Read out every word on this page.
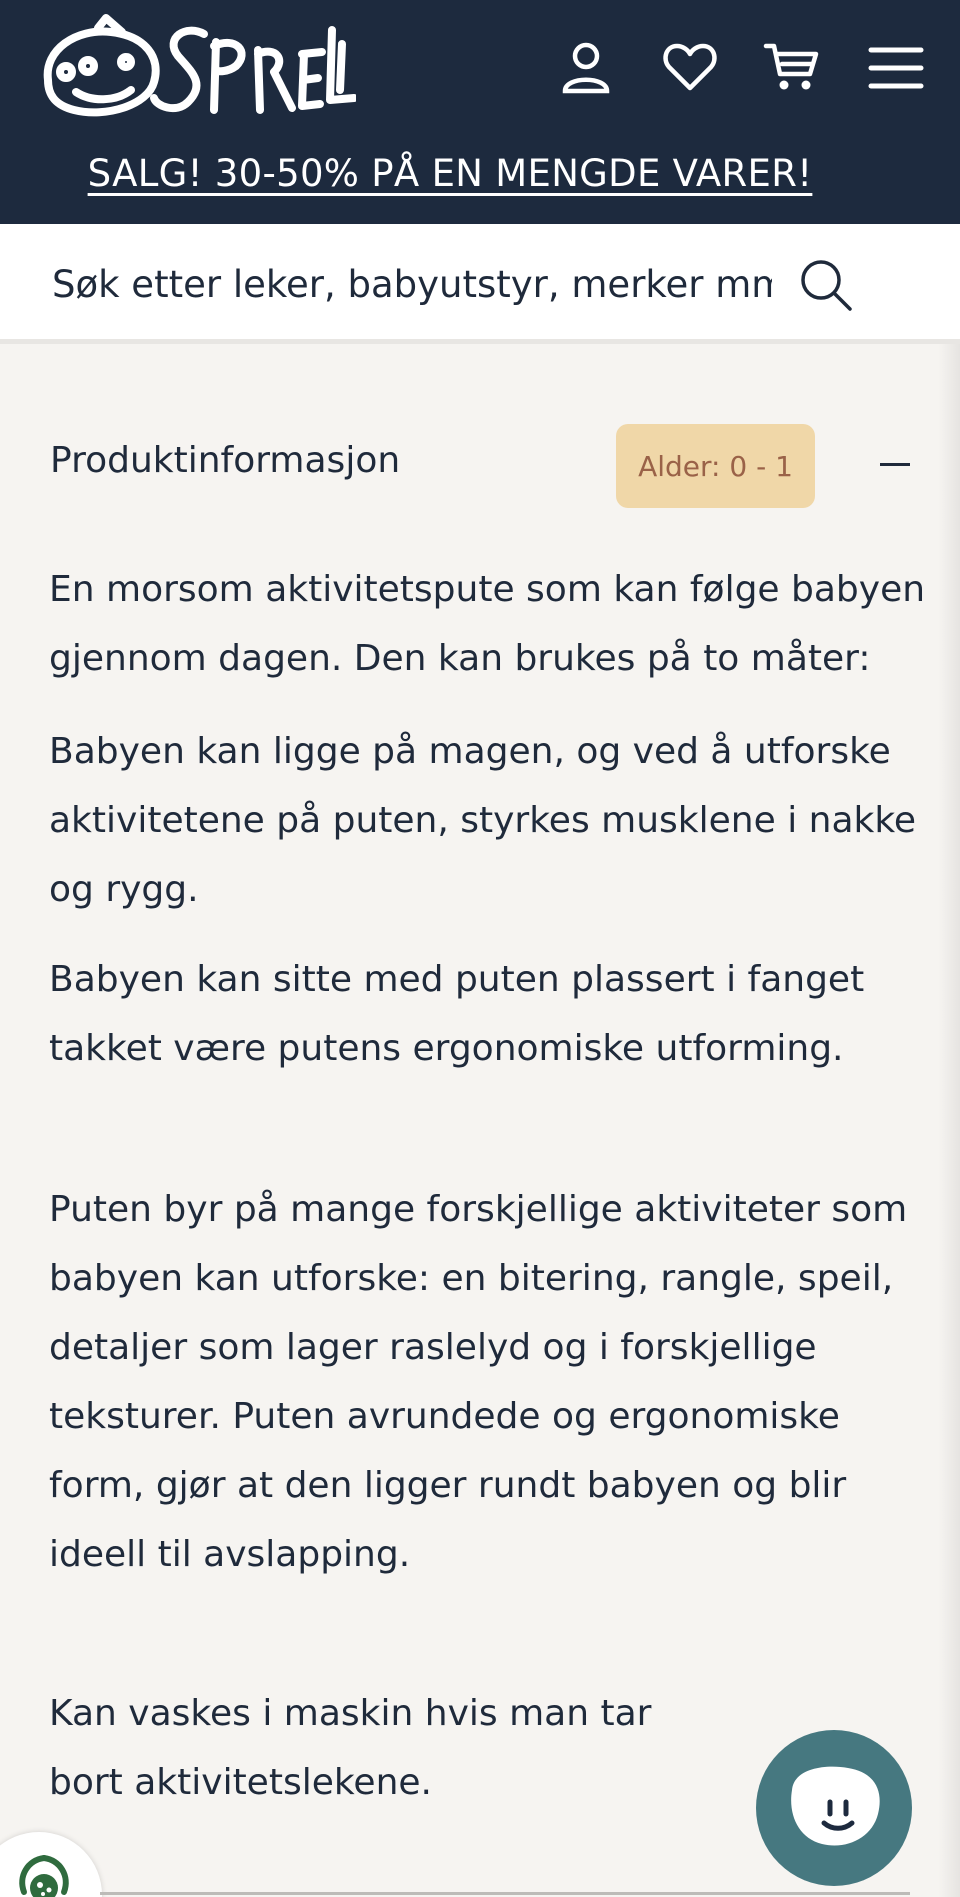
SALG! 30-50% PÅ EN MENGDE VARER!
Søk etter leker, babyutstyr, merker mm
Produktinformasjon	Alder: 0 - 1

En morsom aktivitetspute som kan følge babyen gjennom dagen. Den kan brukes på to måter:

Babyen kan ligge på magen, og ved å utforske aktivitetene på puten, styrkes musklene i nakke og rygg.

Babyen kan sitte med puten plassert i fanget takket være putens ergonomiske utforming.

Puten byr på mange forskjellige aktiviteter som babyen kan utforske: en bitering, rangle, speil, detaljer som lager raslelyd og i forskjellige teksturer. Puten avrundede og ergonomiske form, gjør at den ligger rundt babyen og blir ideell til avslapping.

Kan vaskes i maskin hvis man tar bort aktivitetslekene.
